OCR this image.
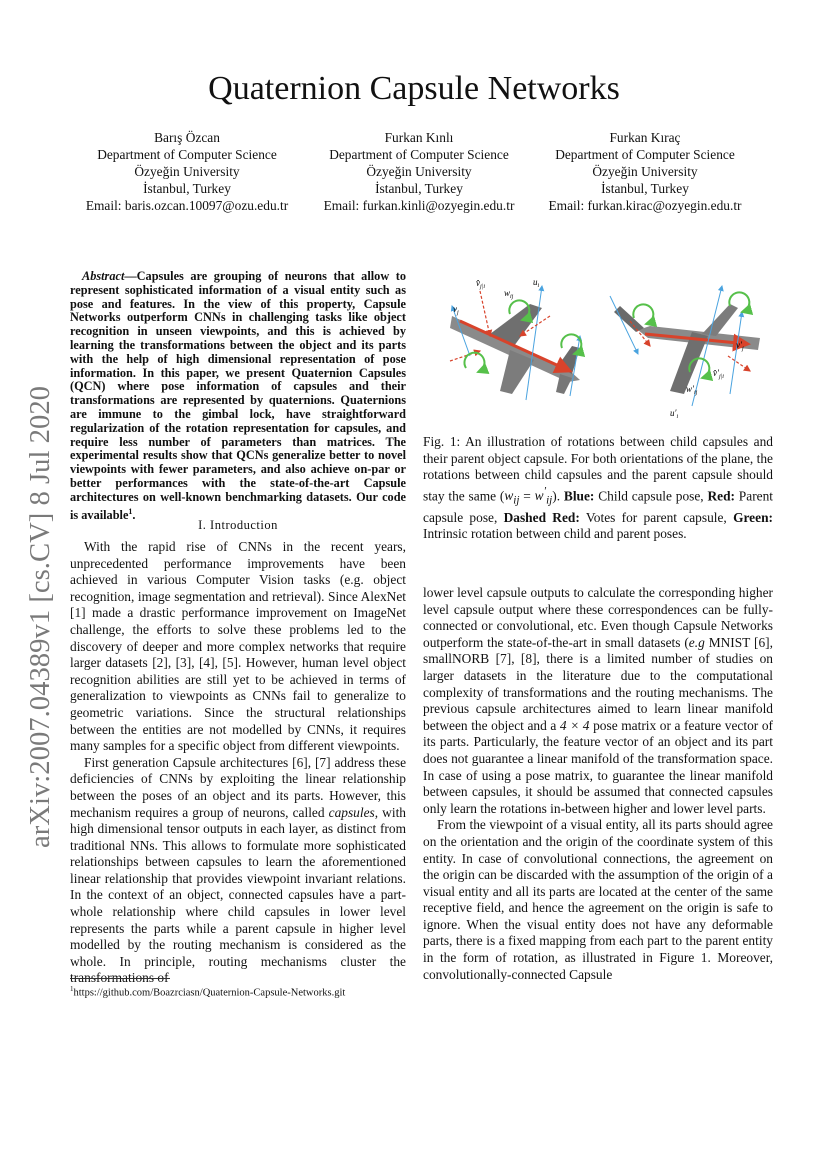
arXiv:2007.04389v1 [cs.CV] 8 Jul 2020
Quaternion Capsule Networks
Barış Özcan
Department of Computer Science
Özyeğin University
İstanbul, Turkey
Email: baris.ozcan.10097@ozu.edu.tr
Furkan Kınlı
Department of Computer Science
Özyeğin University
İstanbul, Turkey
Email: furkan.kinli@ozyegin.edu.tr
Furkan Kıraç
Department of Computer Science
Özyeğin University
İstanbul, Turkey
Email: furkan.kirac@ozyegin.edu.tr

Abstract—Capsules are grouping of neurons that allow to represent sophisticated information of a visual entity such as pose and features. In the view of this property, Capsule Networks outperform CNNs in challenging tasks like object recognition in unseen viewpoints, and this is achieved by learning the transformations between the object and its parts with the help of high dimensional representation of pose information. In this paper, we present Quaternion Capsules (QCN) where pose information of capsules and their transformations are represented by quaternions. Quaternions are immune to the gimbal lock, have straightforward regularization of the rotation representation for capsules, and require less number of parameters than matrices. The experimental results show that QCNs generalize better to novel viewpoints with fewer parameters, and also achieve on-par or better performances with the state-of-the-art Capsule architectures on well-known benchmarking datasets. Our code is available$^1$.

I. Introduction

With the rapid rise of CNNs in the recent years, unprecedented performance improvements have been achieved in various Computer Vision tasks (e.g. object recognition, image segmentation and retrieval). Since AlexNet [1] made a drastic performance improvement on ImageNet challenge, the efforts to solve these problems led to the discovery of deeper and more complex networks that require larger datasets [2], [3], [4], [5]. However, human level object recognition abilities are still yet to be achieved in terms of generalization to viewpoints as CNNs fail to generalize to geometric variations. Since the structural relationships between the entities are not modelled by CNNs, it requires many samples for a specific object from different viewpoints.

First generation Capsule architectures [6], [7] address these deficiencies of CNNs by exploiting the linear relationship between the poses of an object and its parts. However, this mechanism requires a group of neurons, called capsules, with high dimensional tensor outputs in each layer, as distinct from traditional NNs. This allows to formulate more sophisticated relationships between capsules to learn the aforementioned linear relationship that provides viewpoint invariant relations. In the context of an object, connected capsules have a part-whole relationship where child capsules in lower level represents the parts while a parent capsule in higher level modelled by the routing mechanism is considered as the whole. In principle, routing mechanisms cluster the transformations of

$^1$https://github.com/Boazrciasn/Quaternion-Capsule-Networks.git
$v̂_{j|i}$
$w_{ij}$
$u_i$
$v_j$
$v'_j$
$v̂'_{j|i}$
$w'_{ij}$
$u'_i$

Fig. 1: An illustration of rotations between child capsules and their parent object capsule. For both orientations of the plane, the rotations between child capsules and the parent capsule should stay the same $(w_{ij} = w'_{ij})$. Blue: Child capsule pose, Red: Parent capsule pose, Dashed Red: Votes for parent capsule, Green: Intrinsic rotation between child and parent poses.

lower level capsule outputs to calculate the corresponding higher level capsule output where these correspondences can be fully-connected or convolutional, etc. Even though Capsule Networks outperform the state-of-the-art in small datasets (e.g MNIST [6], smallNORB [7], [8], there is a limited number of studies on larger datasets in the literature due to the computational complexity of transformations and the routing mechanisms. The previous capsule architectures aimed to learn linear manifold between the object and a 4 × 4 pose matrix or a feature vector of its parts. Particularly, the feature vector of an object and its part does not guarantee a linear manifold of the transformation space. In case of using a pose matrix, to guarantee the linear manifold between capsules, it should be assumed that connected capsules only learn the rotations in-between higher and lower level parts.

From the viewpoint of a visual entity, all its parts should agree on the orientation and the origin of the coordinate system of this entity. In case of convolutional connections, the agreement on the origin can be discarded with the assumption of the origin of a visual entity and all its parts are located at the center of the same receptive field, and hence the agreement on the origin is safe to ignore. When the visual entity does not have any deformable parts, there is a fixed mapping from each part to the parent entity in the form of rotation, as illustrated in Figure 1. Moreover, convolutionally-connected Capsule
